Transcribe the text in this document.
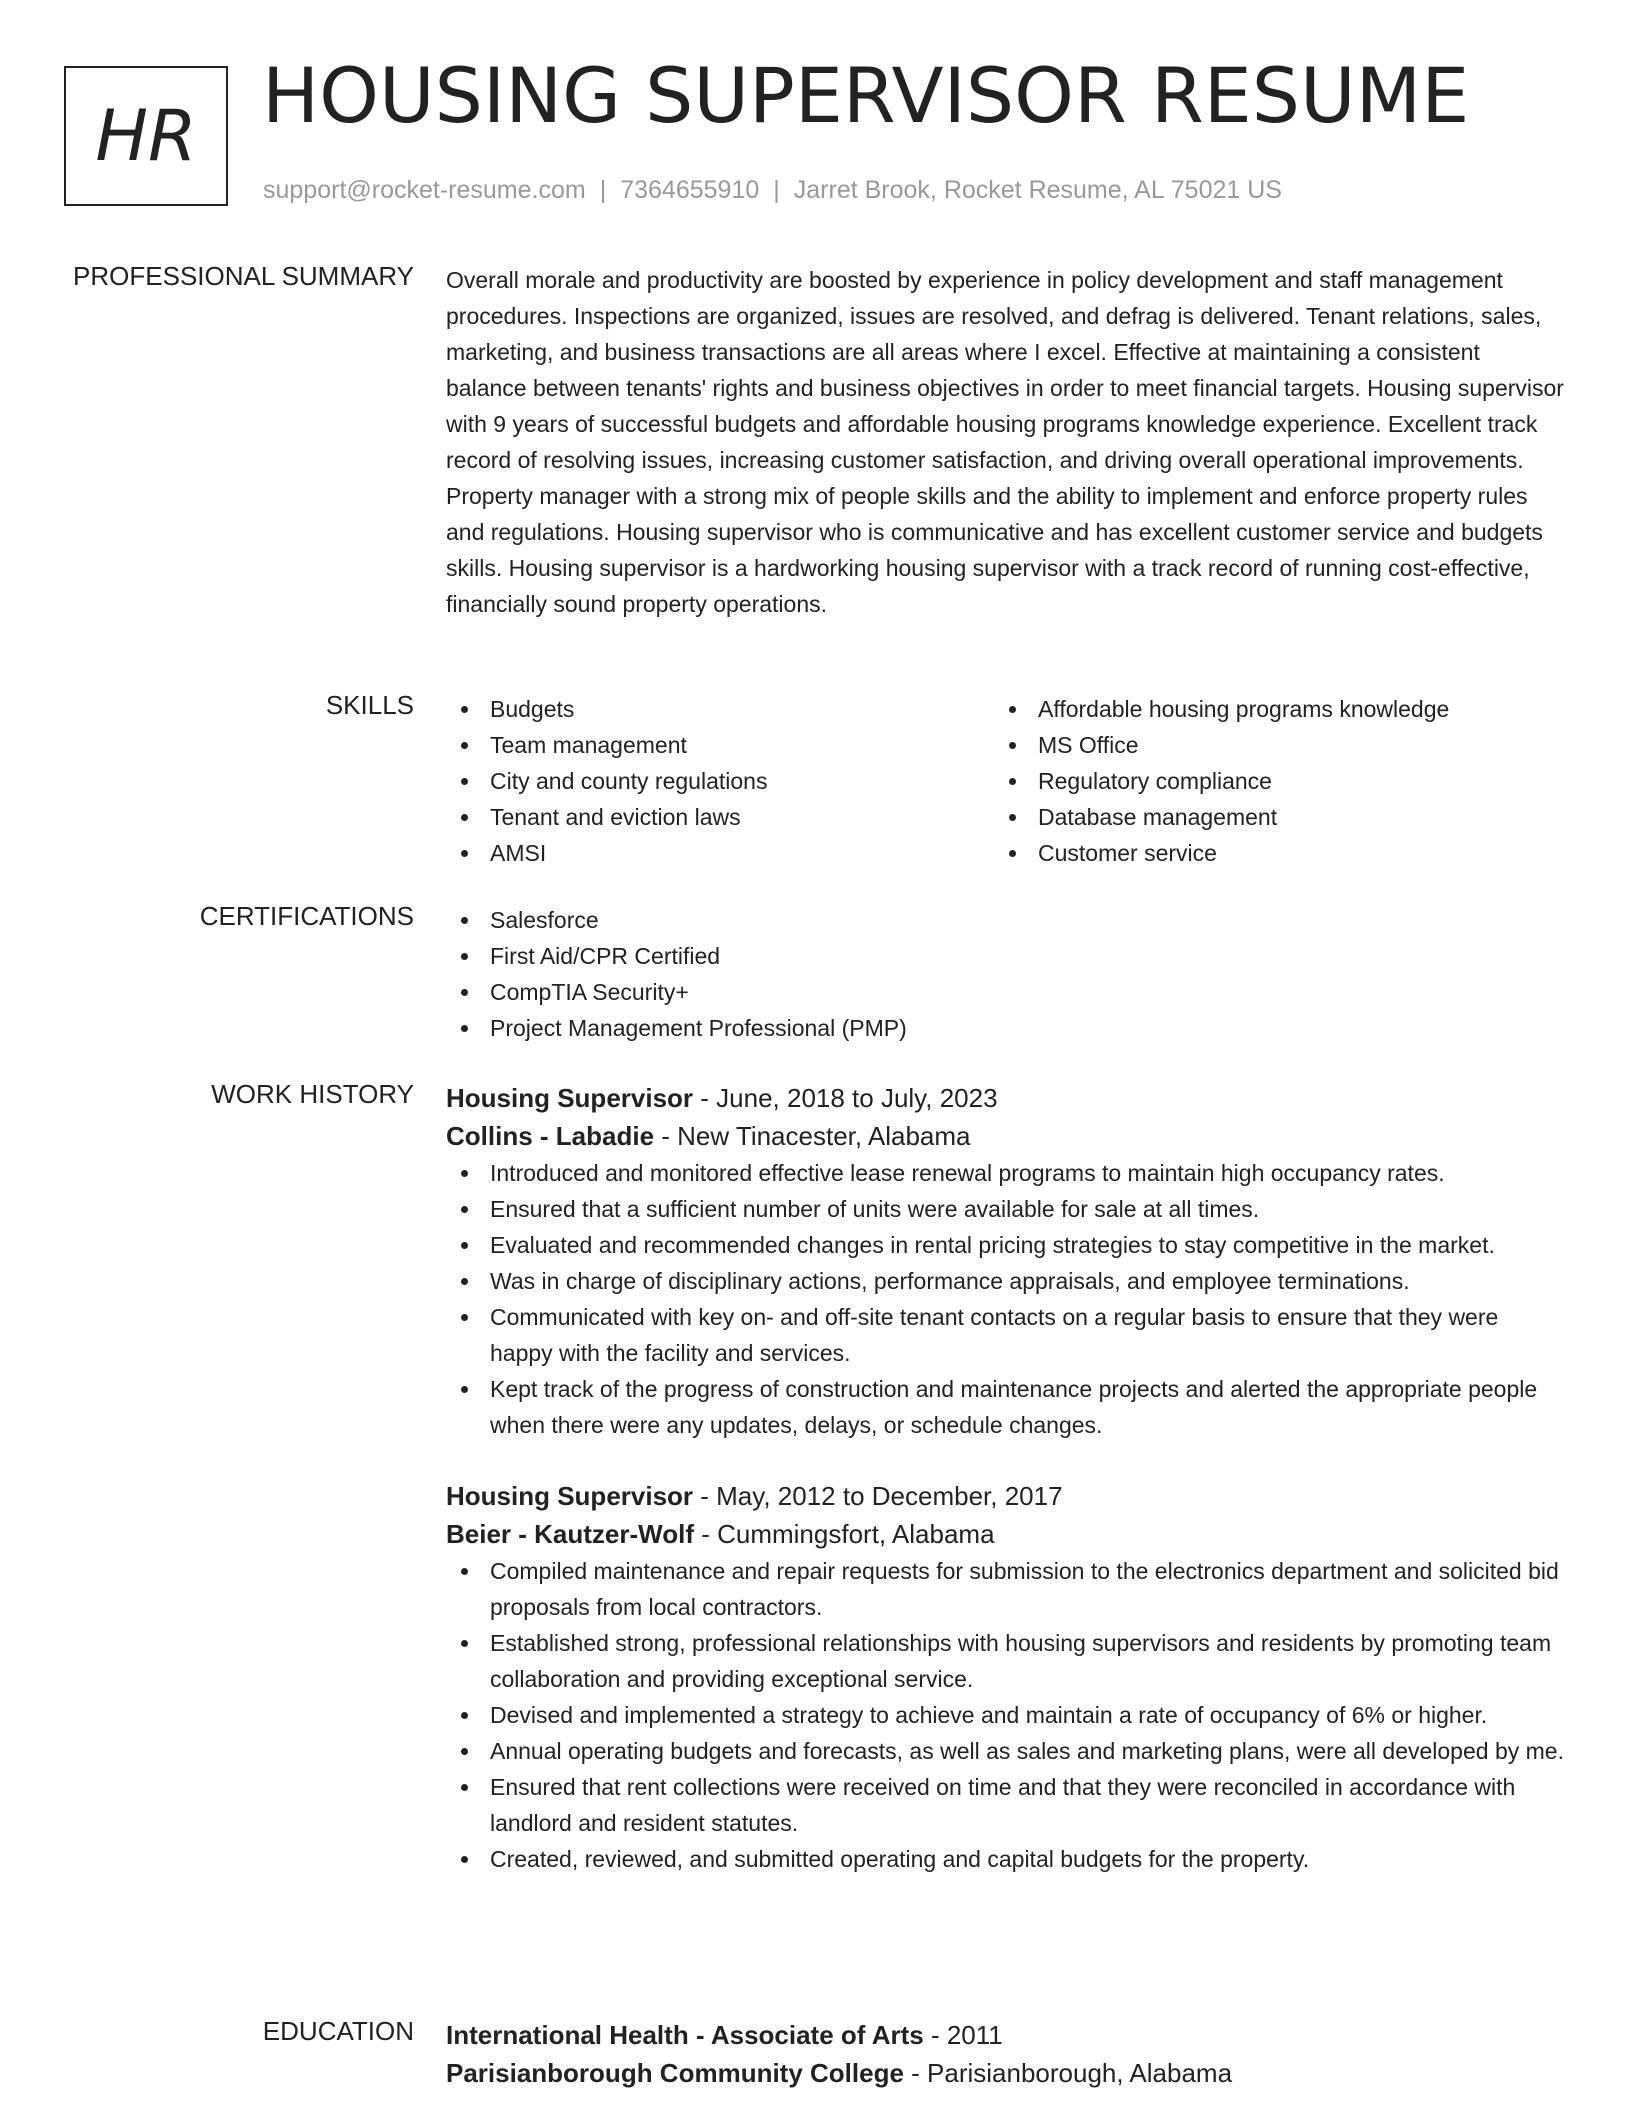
HR HOUSING SUPERVISOR RESUME
support@rocket-resume.com | 7364655910 | Jarret Brook, Rocket Resume, AL 75021 US
PROFESSIONAL SUMMARY Overall morale and productivity are boosted by experience in policy development and staff management procedures. Inspections are organized, issues are resolved, and defrag is delivered. Tenant relations, sales, marketing, and business transactions are all areas where I excel. Effective at maintaining a consistent balance between tenants' rights and business objectives in order to meet financial targets. Housing supervisor with 9 years of successful budgets and affordable housing programs knowledge experience. Excellent track record of resolving issues, increasing customer satisfaction, and driving overall operational improvements. Property manager with a strong mix of people skills and the ability to implement and enforce property rules and regulations. Housing supervisor who is communicative and has excellent customer service and budgets skills. Housing supervisor is a hardworking housing supervisor with a track record of running cost-effective, financially sound property operations.

SKILLS	Budgets
Team management
City and county regulations
Tenant and eviction laws
AMSI
Affordable housing programs knowledge
MS Office
Regulatory compliance
Database management
Customer service
CERTIFICATIONS	Salesforce
First Aid/CPR Certified
CompTIA Security+
Project Management Professional (PMP)
WORK HISTORY Housing Supervisor - June, 2018 to July, 2023
Collins - Labadie - New Tinacester, Alabama
Introduced and monitored effective lease renewal programs to maintain high occupancy rates.
Ensured that a sufficient number of units were available for sale at all times.
Evaluated and recommended changes in rental pricing strategies to stay competitive in the market.
Was in charge of disciplinary actions, performance appraisals, and employee terminations.
Communicated with key on- and off-site tenant contacts on a regular basis to ensure that they were happy with the facility and services.
Kept track of the progress of construction and maintenance projects and alerted the appropriate people when there were any updates, delays, or schedule changes.
Housing Supervisor - May, 2012 to December, 2017
Beier - Kautzer-Wolf - Cummingsfort, Alabama
Compiled maintenance and repair requests for submission to the electronics department and solicited bid proposals from local contractors.
Established strong, professional relationships with housing supervisors and residents by promoting team collaboration and providing exceptional service.
Devised and implemented a strategy to achieve and maintain a rate of occupancy of 6% or higher.
Annual operating budgets and forecasts, as well as sales and marketing plans, were all developed by me.
Ensured that rent collections were received on time and that they were reconciled in accordance with landlord and resident statutes.
Created, reviewed, and submitted operating and capital budgets for the property.
EDUCATION International Health - Associate of Arts - 2011
Parisianborough Community College - Parisianborough, Alabama
